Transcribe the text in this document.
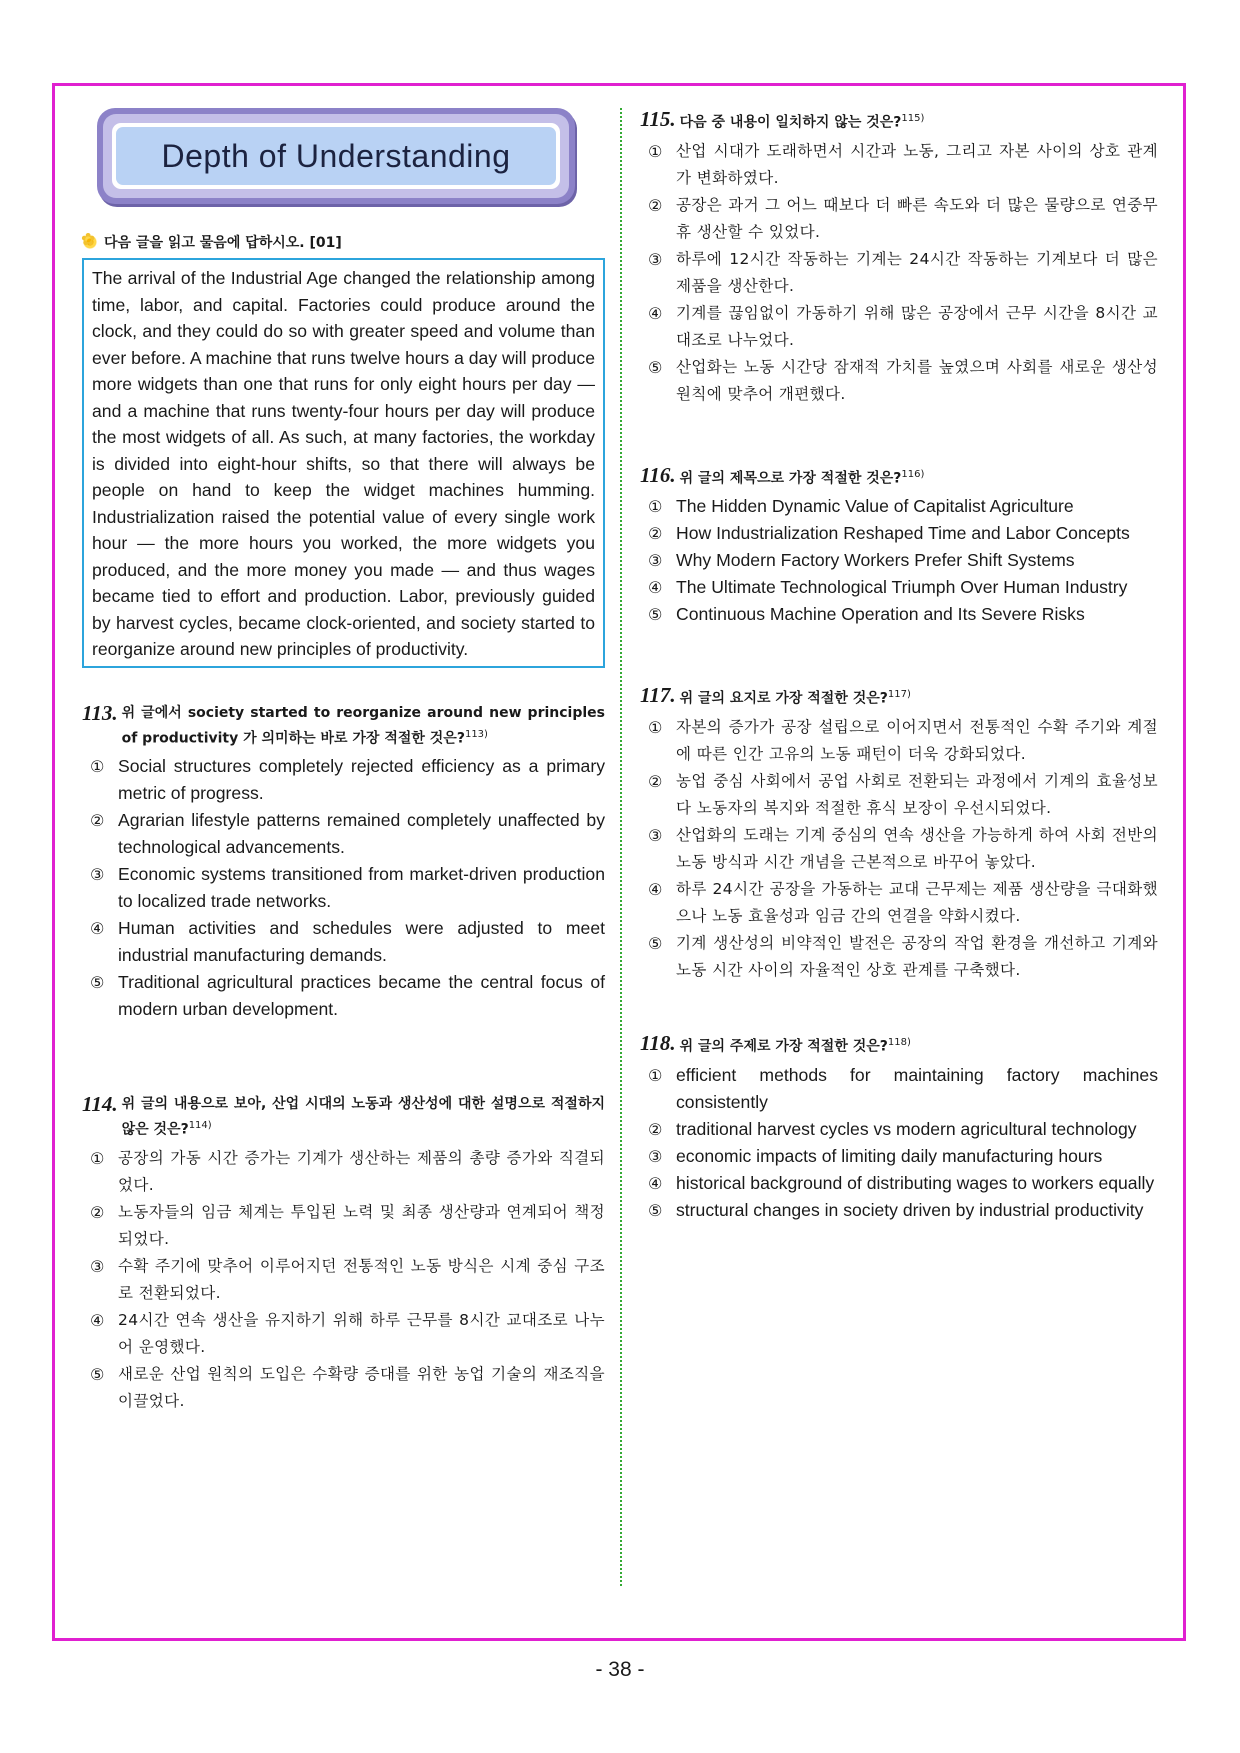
Depth of Understanding
✿
다음 글을 읽고 물음에 답하시오. [01]
The arrival of the Industrial Age changed the relationship among time, labor, and capital. Factories could produce around the clock, and they could do so with greater speed and volume than ever before. A machine that runs twelve hours a day will produce more widgets than one that runs for only eight hours per day — and a machine that runs twenty-four hours per day will produce the most widgets of all. As such, at many factories, the workday is divided into eight-hour shifts, so that there will always be people on hand to keep the widget machines humming. Industrialization raised the potential value of every single work hour — the more hours you worked, the more widgets you produced, and the more money you made — and thus wages became tied to effort and production. Labor, previously guided by harvest cycles, became clock-oriented, and society started to reorganize around new principles of productivity.
113. 위 글에서 society started to reorganize around new principles of productivity 가 의미하는 바로 가장 적절한 것은?$^{113)}$
① Social structures completely rejected efficiency as a primary metric of progress.
② Agrarian lifestyle patterns remained completely unaffected by technological advancements.
③ Economic systems transitioned from market-driven production to localized trade networks.
④ Human activities and schedules were adjusted to meet industrial manufacturing demands.
⑤ Traditional agricultural practices became the central focus of modern urban development.
114. 위 글의 내용으로 보아, 산업 시대의 노동과 생산성에 대한 설명으로 적절하지 않은 것은?$^{114)}$
① 공장의 가동 시간 증가는 기계가 생산하는 제품의 총량 증가와 직결되었다.
② 노동자들의 임금 체계는 투입된 노력 및 최종 생산량과 연계되어 책정되었다.
③ 수확 주기에 맞추어 이루어지던 전통적인 노동 방식은 시계 중심 구조로 전환되었다.
④ 24시간 연속 생산을 유지하기 위해 하루 근무를 8시간 교대조로 나누어 운영했다.
⑤ 새로운 산업 원칙의 도입은 수확량 증대를 위한 농업 기술의 재조직을 이끌었다.
115. 다음 중 내용이 일치하지 않는 것은?$^{115)}$
① 산업 시대가 도래하면서 시간과 노동, 그리고 자본 사이의 상호 관계가 변화하였다.
② 공장은 과거 그 어느 때보다 더 빠른 속도와 더 많은 물량으로 연중무휴 생산할 수 있었다.
③ 하루에 12시간 작동하는 기계는 24시간 작동하는 기계보다 더 많은 제품을 생산한다.
④ 기계를 끊임없이 가동하기 위해 많은 공장에서 근무 시간을 8시간 교대조로 나누었다.
⑤ 산업화는 노동 시간당 잠재적 가치를 높였으며 사회를 새로운 생산성 원칙에 맞추어 개편했다.
116. 위 글의 제목으로 가장 적절한 것은?$^{116)}$
① The Hidden Dynamic Value of Capitalist Agriculture
② How Industrialization Reshaped Time and Labor Concepts
③ Why Modern Factory Workers Prefer Shift Systems
④ The Ultimate Technological Triumph Over Human Industry
⑤ Continuous Machine Operation and Its Severe Risks
117. 위 글의 요지로 가장 적절한 것은?$^{117)}$
① 자본의 증가가 공장 설립으로 이어지면서 전통적인 수확 주기와 계절에 따른 인간 고유의 노동 패턴이 더욱 강화되었다.
② 농업 중심 사회에서 공업 사회로 전환되는 과정에서 기계의 효율성보다 노동자의 복지와 적절한 휴식 보장이 우선시되었다.
③ 산업화의 도래는 기계 중심의 연속 생산을 가능하게 하여 사회 전반의 노동 방식과 시간 개념을 근본적으로 바꾸어 놓았다.
④ 하루 24시간 공장을 가동하는 교대 근무제는 제품 생산량을 극대화했으나 노동 효율성과 임금 간의 연결을 약화시켰다.
⑤ 기계 생산성의 비약적인 발전은 공장의 작업 환경을 개선하고 기계와 노동 시간 사이의 자율적인 상호 관계를 구축했다.
118. 위 글의 주제로 가장 적절한 것은?$^{118)}$
① efficient methods for maintaining factory machines consistently
② traditional harvest cycles vs modern agricultural technology
③ economic impacts of limiting daily manufacturing hours
④ historical background of distributing wages to workers equally
⑤ structural changes in society driven by industrial productivity
- 38 -
